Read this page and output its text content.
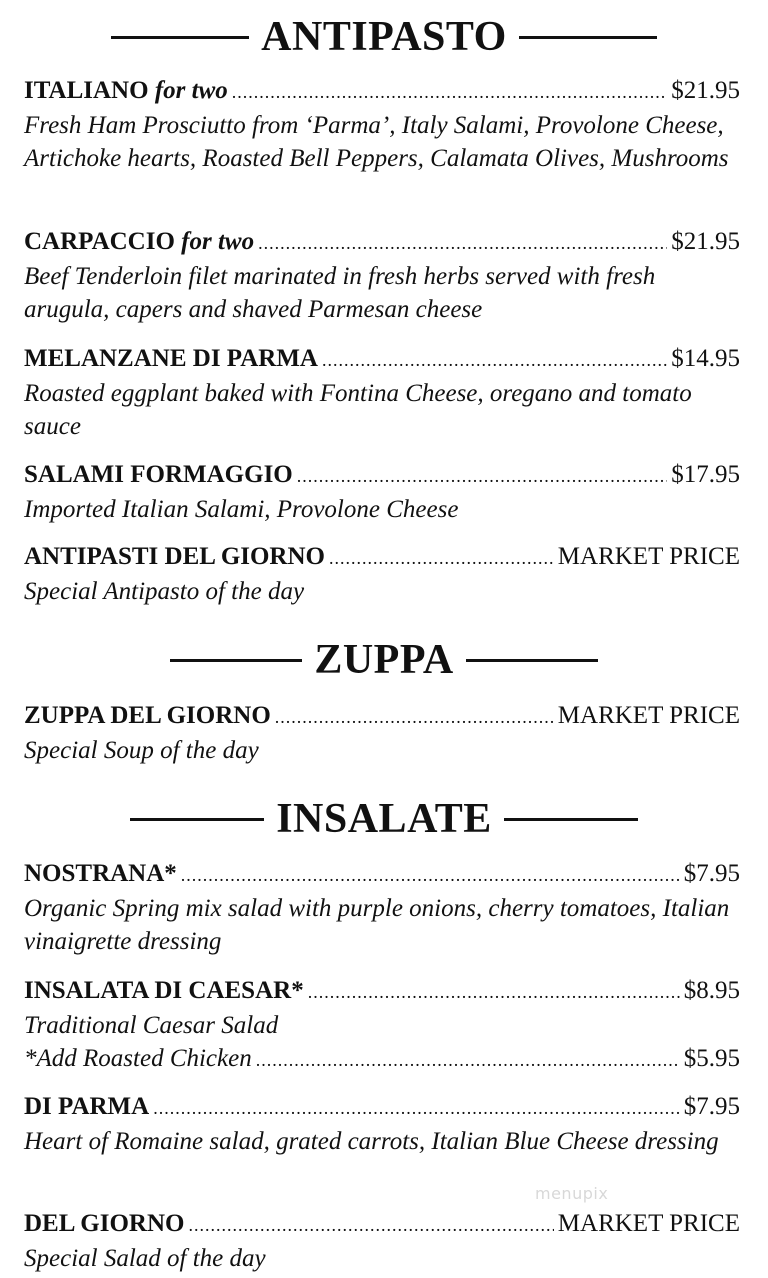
ANTIPASTO
ITALIANO for two .....	$21.95
Fresh Ham Prosciutto from ‘Parma’, Italy Salami, Provolone Cheese, Artichoke hearts, Roasted Bell Peppers, Calamata Olives, Mushrooms
CARPACCIO for two .....	$21.95
Beef Tenderloin filet marinated in fresh herbs served with fresh arugula, capers and shaved Parmesan cheese
MELANZANE DI PARMA .....	$14.95
Roasted eggplant baked with Fontina Cheese, oregano and tomato sauce
SALAMI FORMAGGIO .....	$17.95
Imported Italian Salami, Provolone Cheese
ANTIPASTI DEL GIORNO .....	MARKET PRICE
Special Antipasto of the day
ZUPPA
ZUPPA DEL GIORNO .....	MARKET PRICE
Special Soup of the day
INSALATE
NOSTRANA* .....	$7.95
Organic Spring mix salad with purple onions, cherry tomatoes, Italian vinaigrette dressing
INSALATA DI CAESAR* .....	$8.95
Traditional Caesar Salad
*Add Roasted Chicken .....	$5.95
DI PARMA .....	$7.95
Heart of Romaine salad, grated carrots, Italian Blue Cheese dressing
DEL GIORNO .....	MARKET PRICE
Special Salad of the day
menupix
